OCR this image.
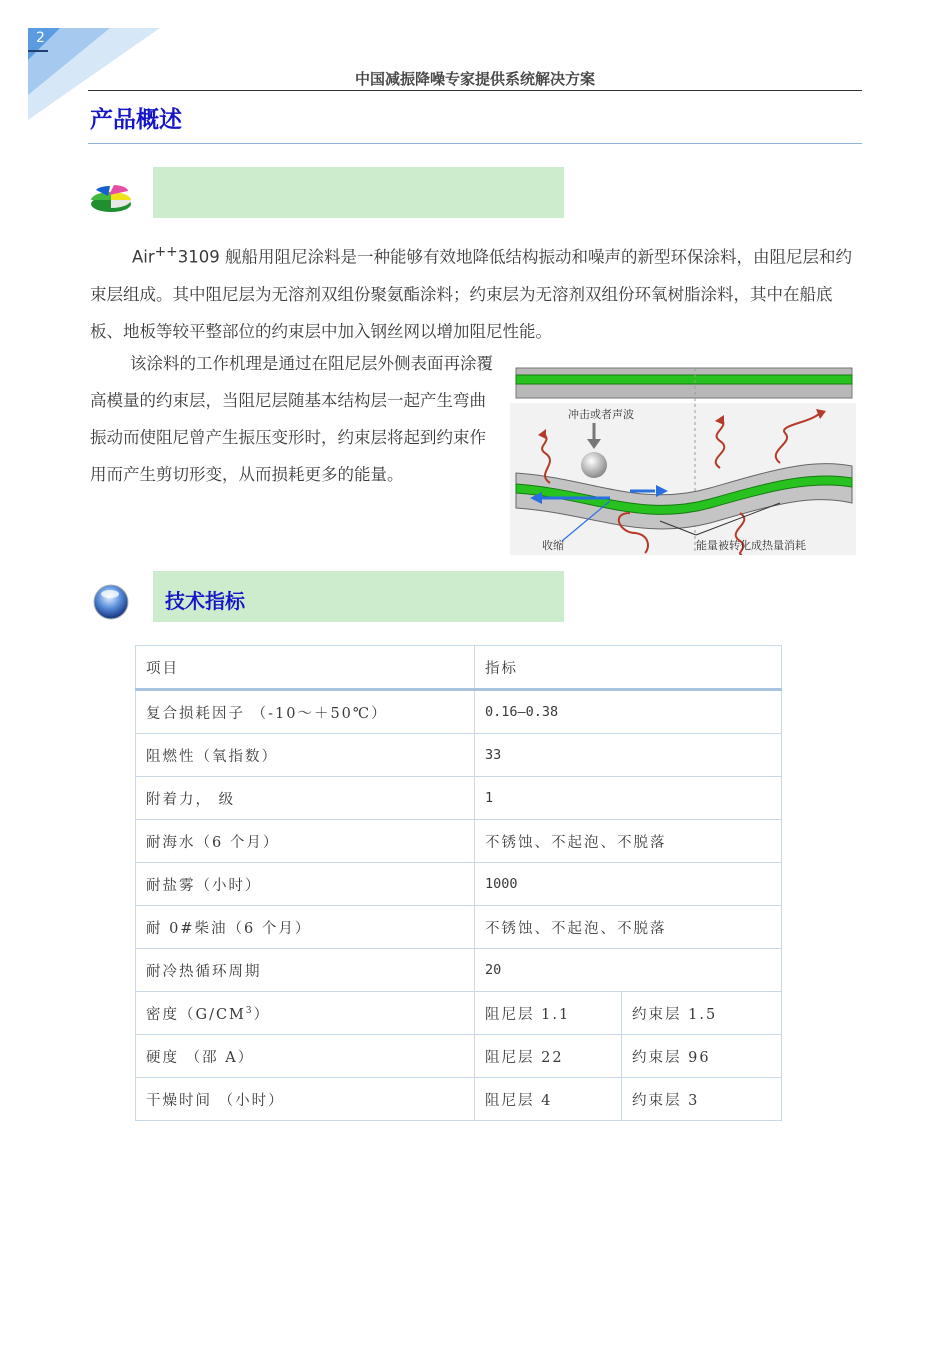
2
中国减振降噪专家提供系统解决方案
产品概述

Air++3109 舰船用阻尼涂料是一种能够有效地降低结构振动和噪声的新型环保涂料，由阻尼层和约束层组成。其中阻尼层为无溶剂双组份聚氨酯涂料；约束层为无溶剂双组份环氧树脂涂料，其中在船底板、地板等较平整部位的约束层中加入钢丝网以增加阻尼性能。

该涂料的工作机理是通过在阻尼层外侧表面再涂覆高模量的约束层，当阻尼层随基本结构层一起产生弯曲振动而使阻尼曾产生振压变形时，约束层将起到约束作用而产生剪切形变，从而损耗更多的能量。

冲击或者声波
收缩	能量被转化成热量消耗
技术指标
项目	指标	
复合损耗因子 （-10～＋50℃）	0.16—0.38	
阻燃性（氧指数）	33	
附着力， 级	1	
耐海水（6 个月）	不锈蚀、不起泡、不脱落	
耐盐雾（小时）	1000	
耐 0#柴油（6 个月）	不锈蚀、不起泡、不脱落	
耐冷热循环周期	20	
密度$(G/CM^3)$	阻尼层 1.1	约束层 1.5
硬度 （邵 A）	阻尼层 22	约束层 96
干燥时间 （小时）	阻尼层 4	约束层 3
